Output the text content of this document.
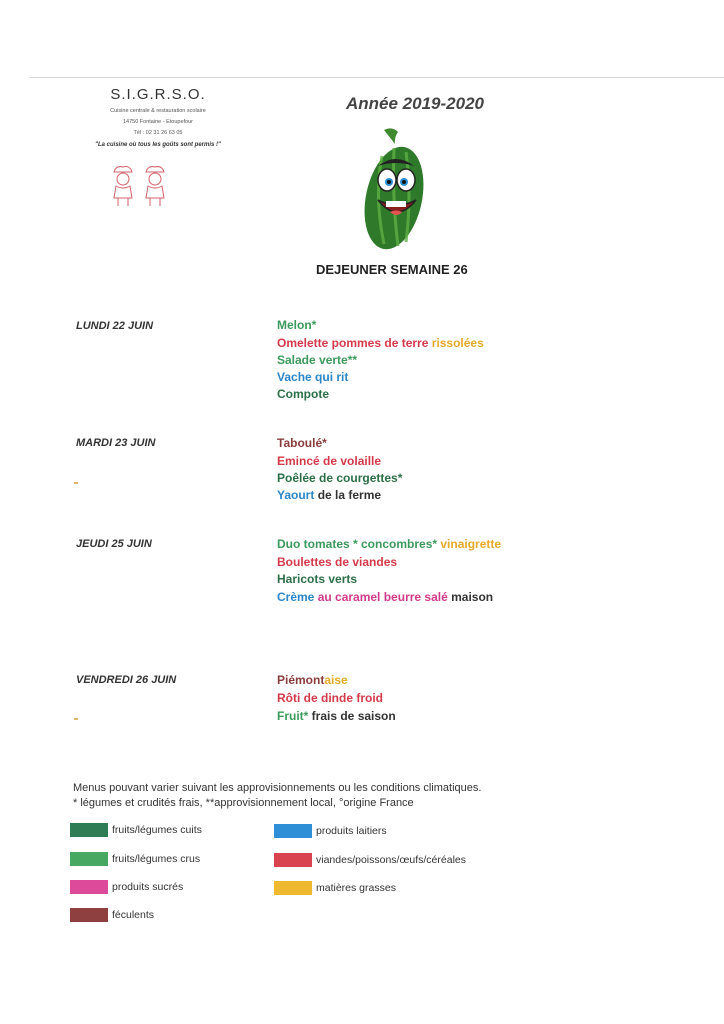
S.I.G.R.S.O.
Cuisine centrale & restauration scolaire
14750 Fontaine - Etoupefour
Tél : 02 31 26 63 05
"La cuisine où tous les goûts sont permis !"
Année 2019-2020
DEJEUNER SEMAINE 26
LUNDI 22 JUIN	Melon*
Omelette pommes de terre rissolées
Salade verte**
Vache qui rit
Compote
MARDI 23 JUIN	Taboulé*
Emincé de volaille
Poêlée de courgettes*
Yaourt de la ferme
JEUDI 25 JUIN	Duo tomates * concombres* vinaigrette
Boulettes de viandes
Haricots verts
Crème au caramel beurre salé maison
VENDREDI 26 JUIN	Piémontaise
Rôti de dinde froid
Fruit* frais de saison
Menus pouvant varier suivant les approvisionnements ou les conditions climatiques.
* légumes et crudités frais, **approvisionnement local, °origine France
fruits/légumes cuits	produits laitiers
fruits/légumes crus	viandes/poissons/œufs/céréales
produits sucrés	matières grasses
féculents
